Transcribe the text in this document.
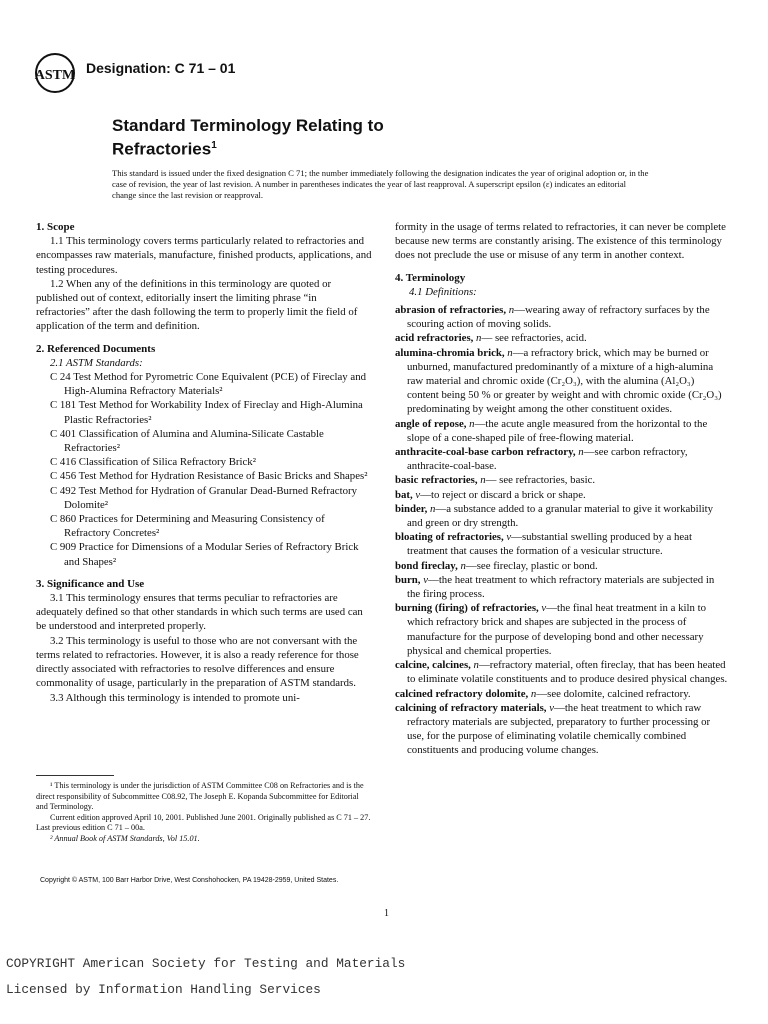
ASTM Designation: C 71 – 01
Standard Terminology Relating to
Refractories$^1$
This standard is issued under the fixed designation C 71; the number immediately following the designation indicates the year of original adoption or, in the case of revision, the year of last revision. A number in parentheses indicates the year of last reapproval. A superscript epsilon (ε) indicates an editorial change since the last revision or reapproval.
1. Scope

1.1 This terminology covers terms particularly related to refractories and encompasses raw materials, manufacture, finished products, applications, and testing procedures.

1.2 When any of the definitions in this terminology are quoted or published out of context, editorially insert the limiting phrase “in refractories” after the dash following the term to properly limit the field of application of the term and definition.

2. Referenced Documents

2.1 ASTM Standards:

C 24 Test Method for Pyrometric Cone Equivalent (PCE) of Fireclay and High-Alumina Refractory Materials²

C 181 Test Method for Workability Index of Fireclay and High-Alumina Plastic Refractories²

C 401 Classification of Alumina and Alumina-Silicate Castable Refractories²

C 416 Classification of Silica Refractory Brick²

C 456 Test Method for Hydration Resistance of Basic Bricks and Shapes²

C 492 Test Method for Hydration of Granular Dead-Burned Refractory Dolomite²

C 860 Practices for Determining and Measuring Consistency of Refractory Concretes²

C 909 Practice for Dimensions of a Modular Series of Refractory Brick and Shapes²

3. Significance and Use

3.1 This terminology ensures that terms peculiar to refractories are adequately defined so that other standards in which such terms are used can be understood and interpreted properly.

3.2 This terminology is useful to those who are not conversant with the terms related to refractories. However, it is also a ready reference for those directly associated with refractories to resolve differences and ensure commonality of usage, particularly in the preparation of ASTM standards.

3.3 Although this terminology is intended to promote uni-

¹ This terminology is under the jurisdiction of ASTM Committee C08 on Refractories and is the direct responsibility of Subcommittee C08.92, The Joseph E. Kopanda Subcommittee for Editorial and Terminology.

Current edition approved April 10, 2001. Published June 2001. Originally published as C 71 – 27. Last previous edition C 71 – 00a.

² Annual Book of ASTM Standards, Vol 15.01.

formity in the usage of terms related to refractories, it can never be complete because new terms are constantly arising. The existence of this terminology does not preclude the use or misuse of any term in another context.

4. Terminology

4.1 Definitions:

abrasion of refractories, n—wearing away of refractory surfaces by the scouring action of moving solids.

acid refractories, n— see refractories, acid.

alumina-chromia brick, n—a refractory brick, which may be burned or unburned, manufactured predominantly of a mixture of a high-alumina raw material and chromic oxide (Cr₂O₃), with the alumina (Al₂O₃) content being 50 % or greater by weight and with chromic oxide (Cr₂O₃) predominating by weight among the other constituent oxides.

angle of repose, n—the acute angle measured from the horizontal to the slope of a cone-shaped pile of free-flowing material.

anthracite-coal-base carbon refractory, n—see carbon refractory, anthracite-coal-base.

basic refractories, n— see refractories, basic.

bat, v—to reject or discard a brick or shape.

binder, n—a substance added to a granular material to give it workability and green or dry strength.

bloating of refractories, v—substantial swelling produced by a heat treatment that causes the formation of a vesicular structure.

bond fireclay, n—see fireclay, plastic or bond.

burn, v—the heat treatment to which refractory materials are subjected in the firing process.

burning (firing) of refractories, v—the final heat treatment in a kiln to which refractory brick and shapes are subjected in the process of manufacture for the purpose of developing bond and other necessary physical and chemical properties.

calcine, calcines, n—refractory material, often fireclay, that has been heated to eliminate volatile constituents and to produce desired physical changes.

calcined refractory dolomite, n—see dolomite, calcined refractory.

calcining of refractory materials, v—the heat treatment to which raw refractory materials are subjected, preparatory to further processing or use, for the purpose of eliminating volatile chemically combined constituents and producing volume changes.

Copyright © ASTM, 100 Barr Harbor Drive, West Conshohocken, PA 19428-2959, United States.
1
COPYRIGHT American Society for Testing and Materials
Licensed by Information Handling Services
